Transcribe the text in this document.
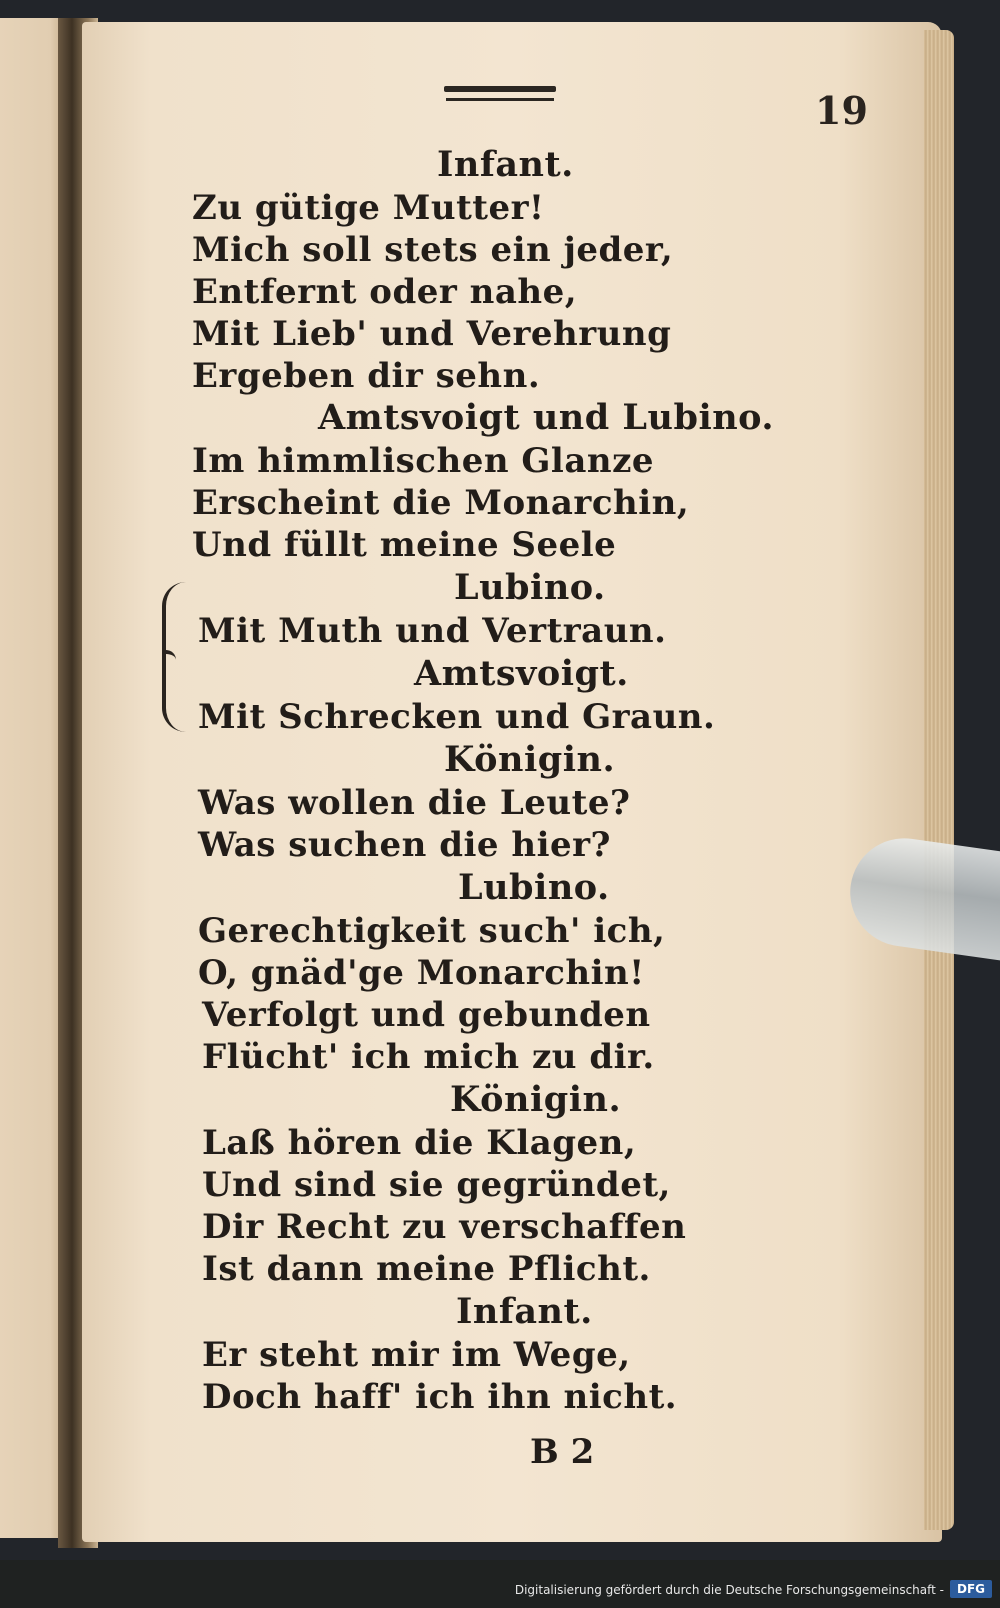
19
Infant.
Zu gütige Mutter!
Mich soll stets ein jeder,
Entfernt oder nahe,
Mit Lieb' und Verehrung
Ergeben dir sehn.
Amtsvoigt und Lubino.
Im himmlischen Glanze
Erscheint die Monarchin,
Und füllt meine Seele
Lubino.
Mit Muth und Vertraun.
Amtsvoigt.
Mit Schrecken und Graun.
Königin.
Was wollen die Leute?
Was suchen die hier?
Lubino.
Gerechtigkeit such' ich,
O, gnäd'ge Monarchin!
Verfolgt und gebunden
Flücht' ich mich zu dir.
Königin.
Laß hören die Klagen,
Und sind sie gegründet,
Dir Recht zu verschaffen
Ist dann meine Pflicht.
Infant.
Er steht mir im Wege,
Doch haff' ich ihn nicht.
B 2
Digitalisierung gefördert durch die Deutsche Forschungsgemeinschaft -	DFG
